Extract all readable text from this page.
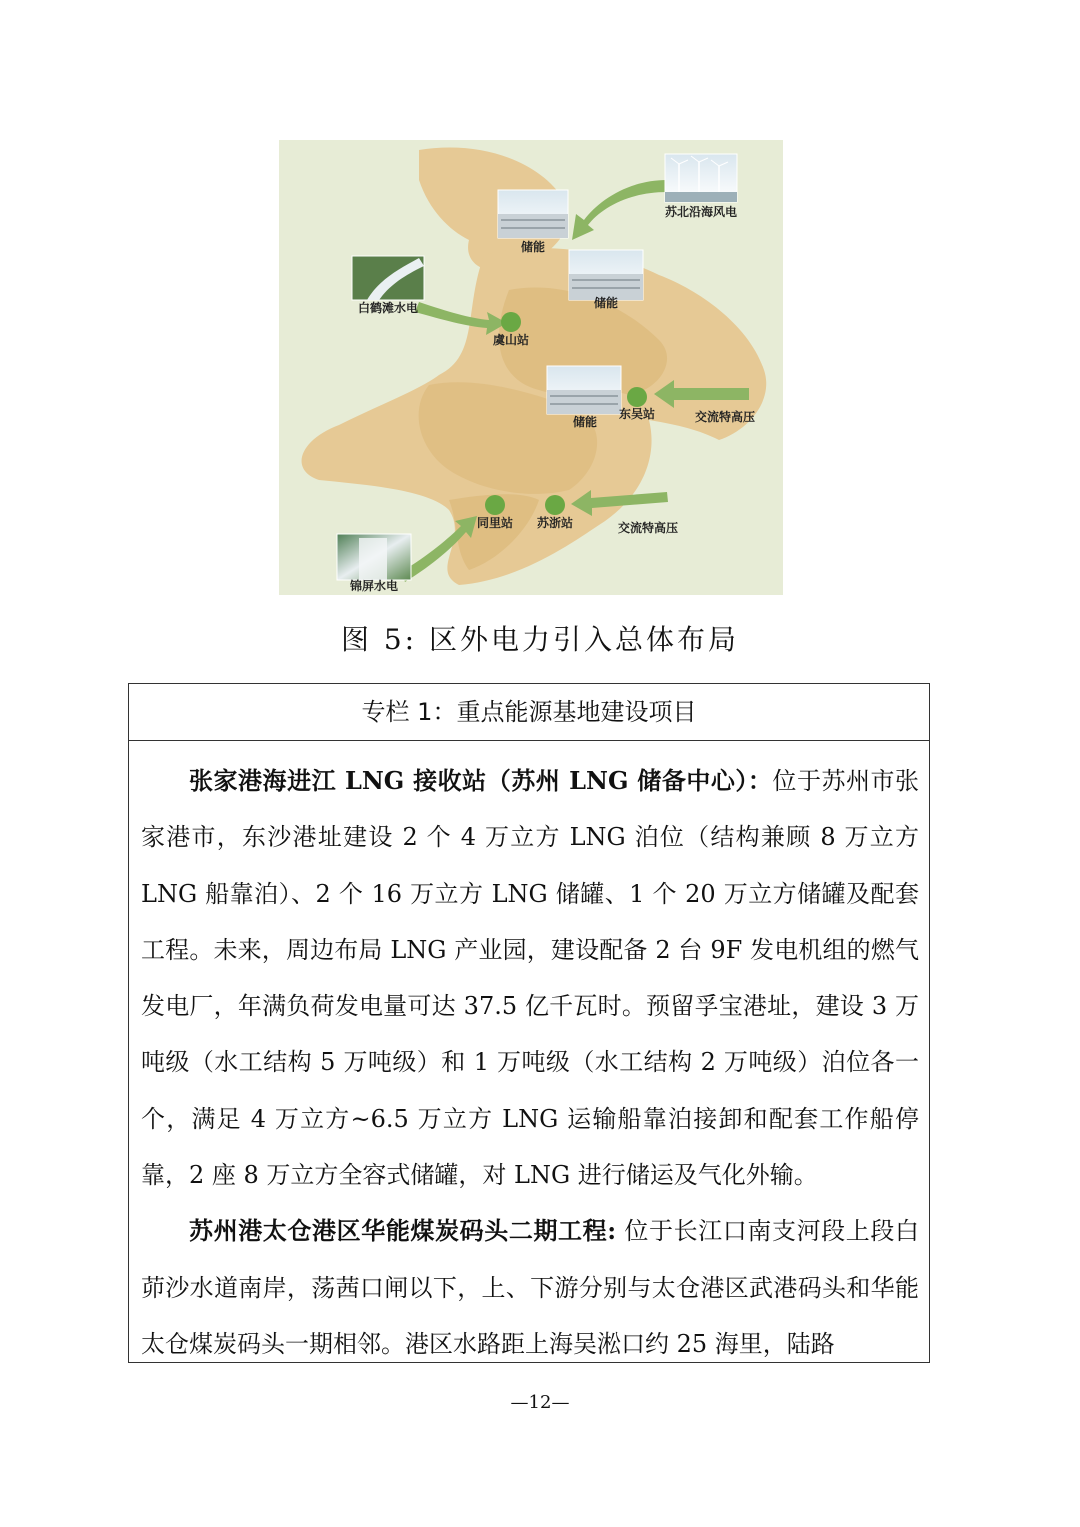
苏北沿海风电
储能
储能
白鹤滩水电
虞山站
储能
东吴站	交流特高压
同里站 苏浙站	交流特高压
锦屏水电
图 5: 区外电力引入总体布局
专栏 1：重点能源基地建设项目

张家港海进江 LNG 接收站（苏州 LNG 储备中心）：位于苏州市张家港市，东沙港址建设 2 个 4 万立方 LNG 泊位（结构兼顾 8 万立方 LNG 船靠泊）、2 个 16 万立方 LNG 储罐、1 个 20 万立方储罐及配套工程。未来，周边布局 LNG 产业园，建设配备 2 台 9F 发电机组的燃气发电厂，年满负荷发电量可达 37.5 亿千瓦时。预留孚宝港址，建设 3 万吨级（水工结构 5 万吨级）和 1 万吨级（水工结构 2 万吨级）泊位各一个，满足 4 万立方~6.5 万立方 LNG 运输船靠泊接卸和配套工作船停靠，2 座 8 万立方全容式储罐，对 LNG 进行储运及气化外输。

苏州港太仓港区华能煤炭码头二期工程: 位于长江口南支河段上段白茆沙水道南岸，荡茜口闸以下，上、下游分别与太仓港区武港码头和华能太仓煤炭码头一期相邻。港区水路距上海吴淞口约 25 海里，陆路

—12—
